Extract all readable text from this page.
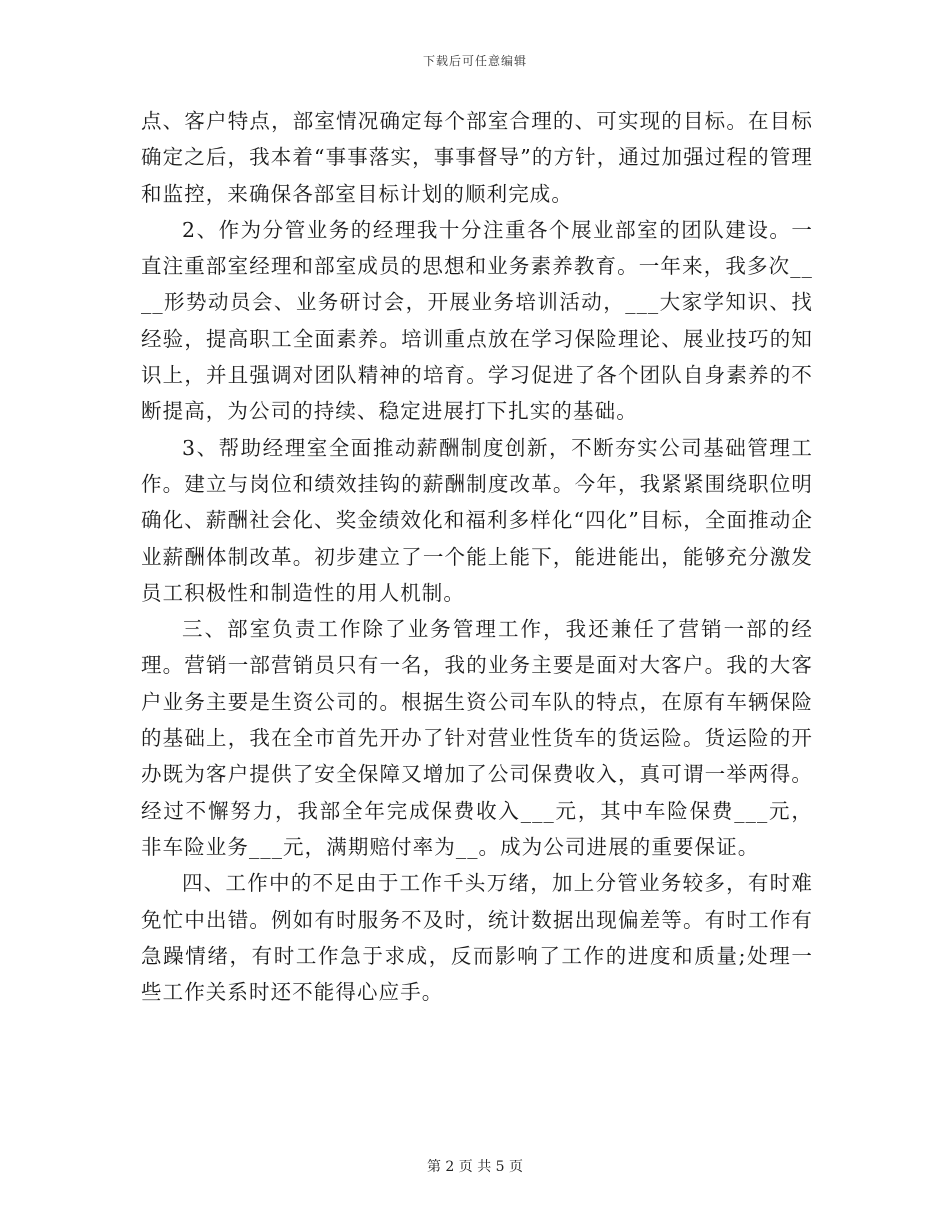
下载后可任意编辑

点、客户特点，部室情况确定每个部室合理的、可实现的目标。在目标确定之后，我本着“事事落实，事事督导”的方针，通过加强过程的管理和监控，来确保各部室目标计划的顺利完成。

2、作为分管业务的经理我十分注重各个展业部室的团队建设。一直注重部室经理和部室成员的思想和业务素养教育。一年来，我多次____形势动员会、业务研讨会，开展业务培训活动，___大家学知识、找经验，提高职工全面素养。培训重点放在学习保险理论、展业技巧的知识上，并且强调对团队精神的培育。学习促进了各个团队自身素养的不断提高，为公司的持续、稳定进展打下扎实的基础。

3、帮助经理室全面推动薪酬制度创新，不断夯实公司基础管理工作。建立与岗位和绩效挂钩的薪酬制度改革。今年，我紧紧围绕职位明确化、薪酬社会化、奖金绩效化和福利多样化“四化”目标，全面推动企业薪酬体制改革。初步建立了一个能上能下，能进能出，能够充分激发员工积极性和制造性的用人机制。

三、部室负责工作除了业务管理工作，我还兼任了营销一部的经理。营销一部营销员只有一名，我的业务主要是面对大客户。我的大客户业务主要是生资公司的。根据生资公司车队的特点，在原有车辆保险的基础上，我在全市首先开办了针对营业性货车的货运险。货运险的开办既为客户提供了安全保障又增加了公司保费收入，真可谓一举两得。经过不懈努力，我部全年完成保费收入___元，其中车险保费___元，非车险业务___元，满期赔付率为__。成为公司进展的重要保证。

四、工作中的不足由于工作千头万绪，加上分管业务较多，有时难免忙中出错。例如有时服务不及时，统计数据出现偏差等。有时工作有急躁情绪，有时工作急于求成，反而影响了工作的进度和质量;处理一些工作关系时还不能得心应手。

第 2 页 共 5 页
